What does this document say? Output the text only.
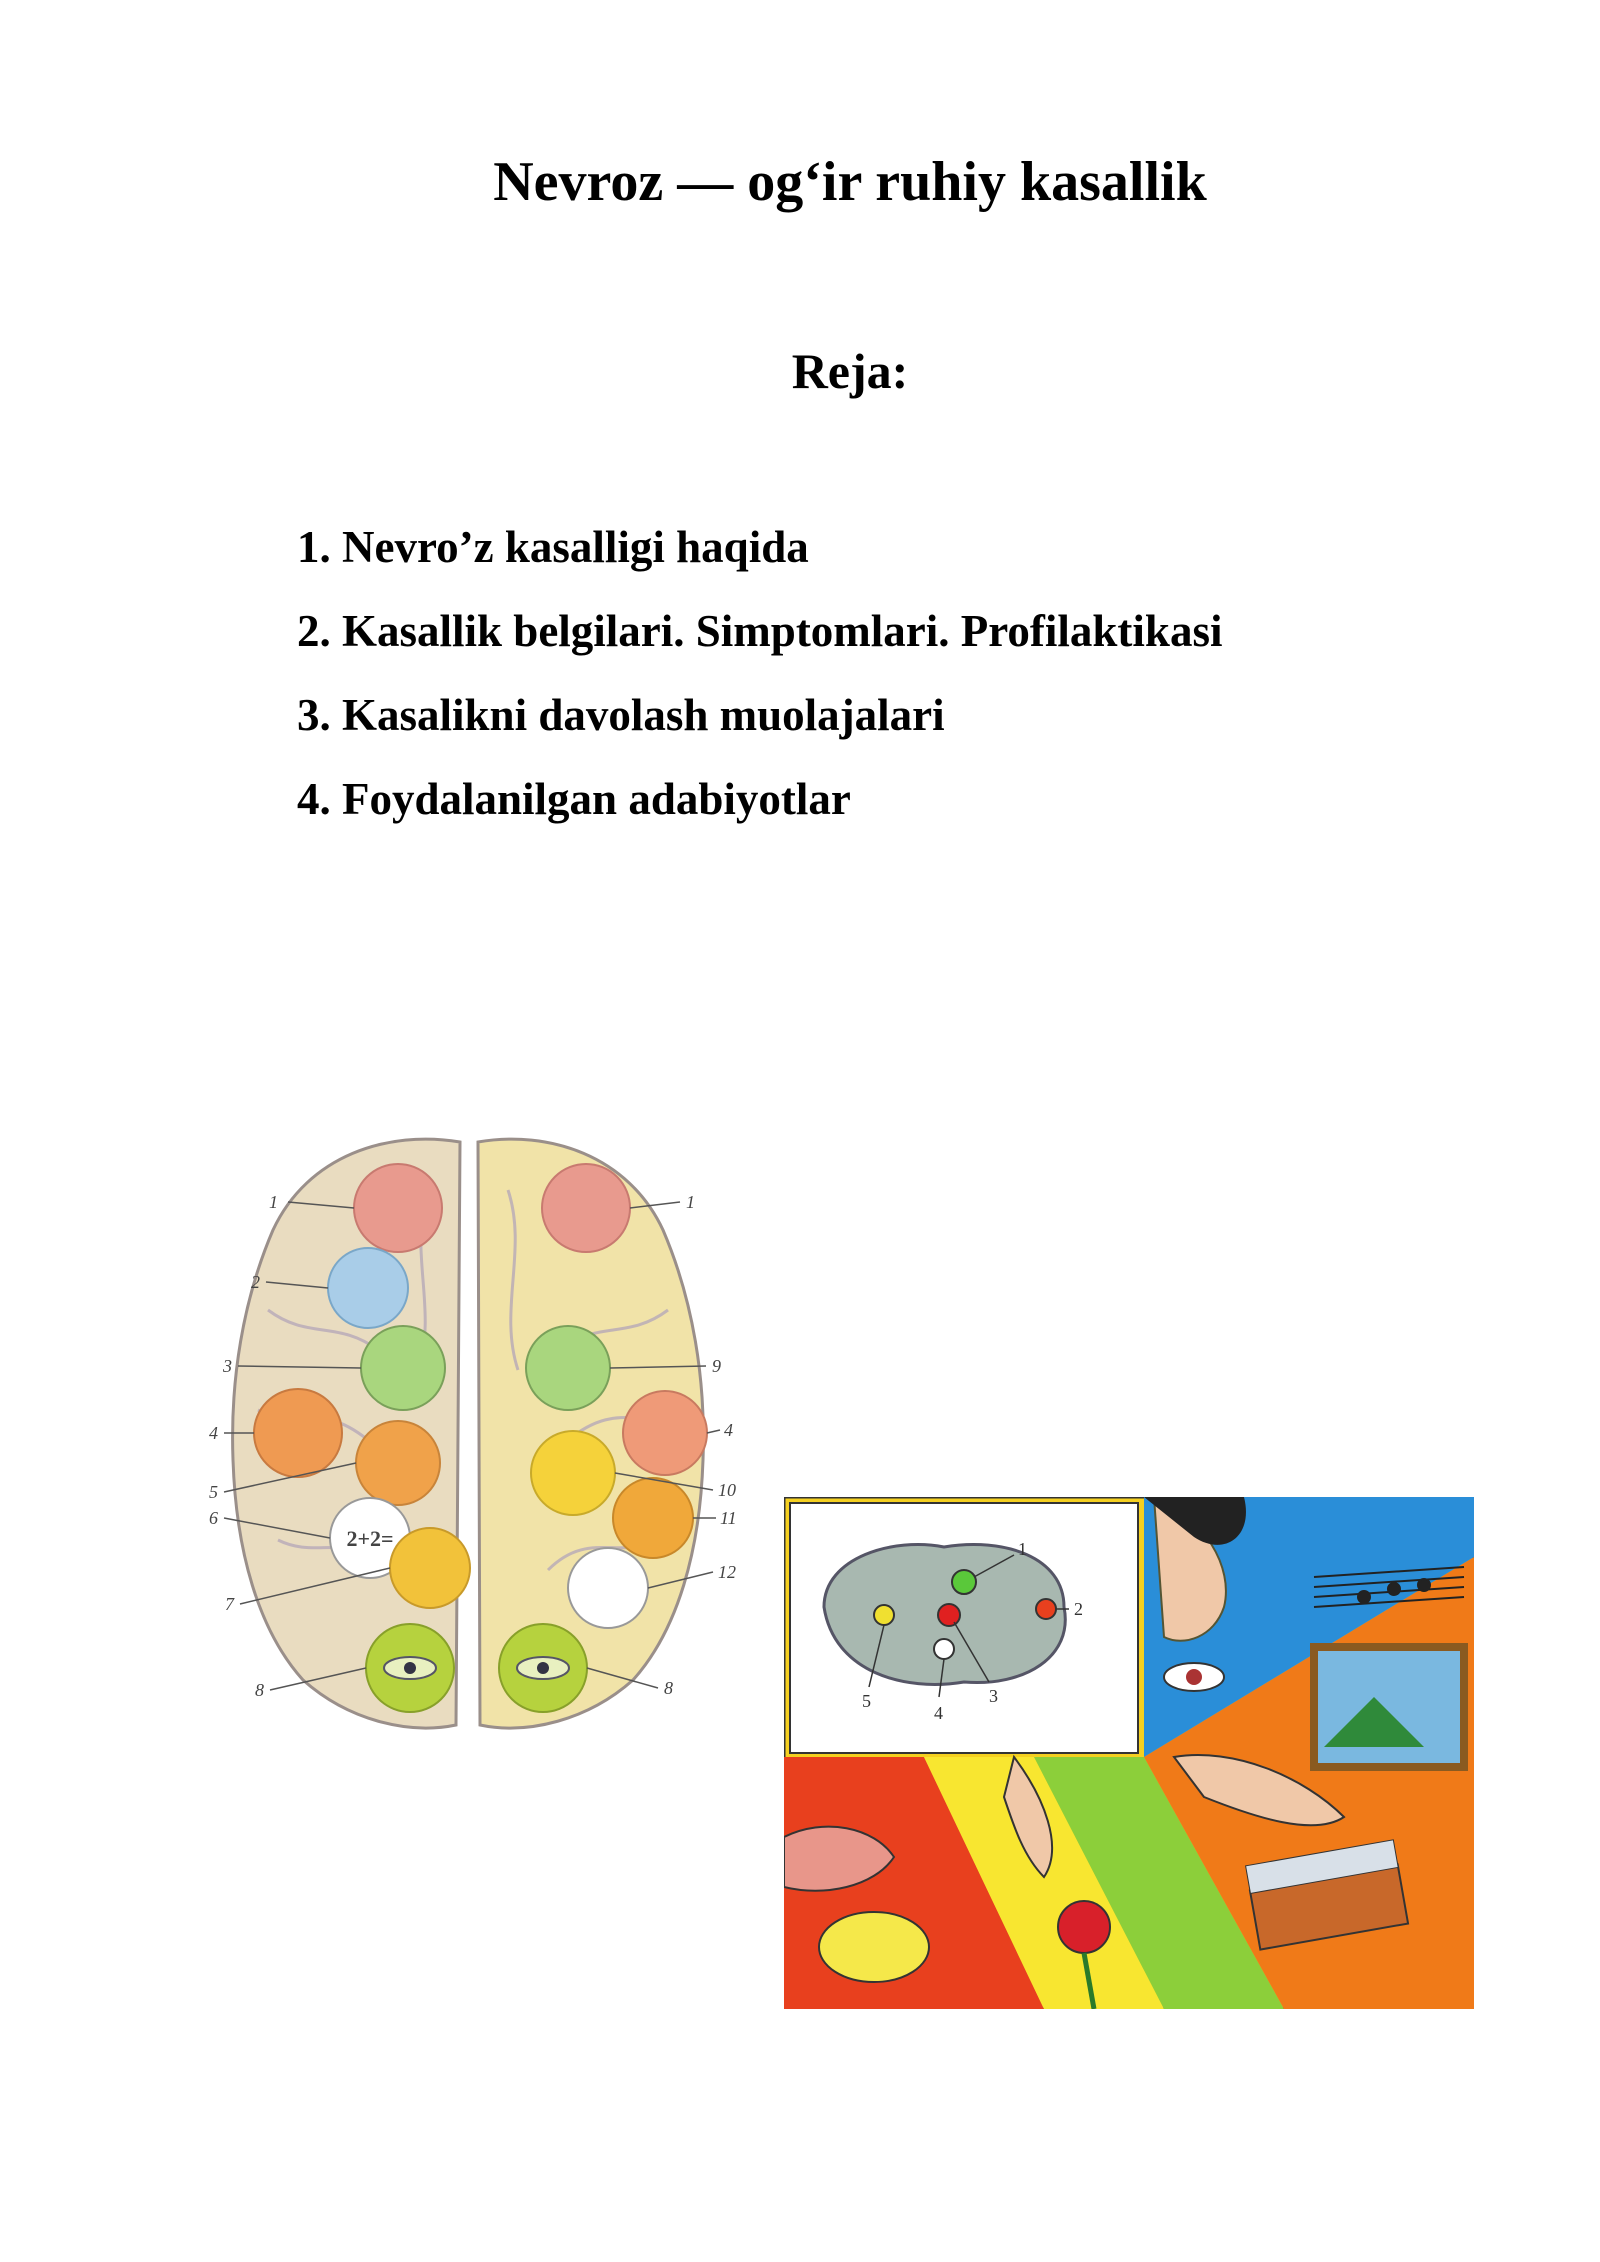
Nevroz — og‘ir ruhiy kasallik
Reja:
1. Nevro’z kasalligi haqida
2. Kasallik belgilari. Simptomlari. Profilaktikasi
3. Kasalikni davolash muolajalari
4. Foydalanilgan adabiyotlar
2+2=
1
2
3
4
5
6
7
8
1
9
4
10
11
12
8
1
2
3
4
5
